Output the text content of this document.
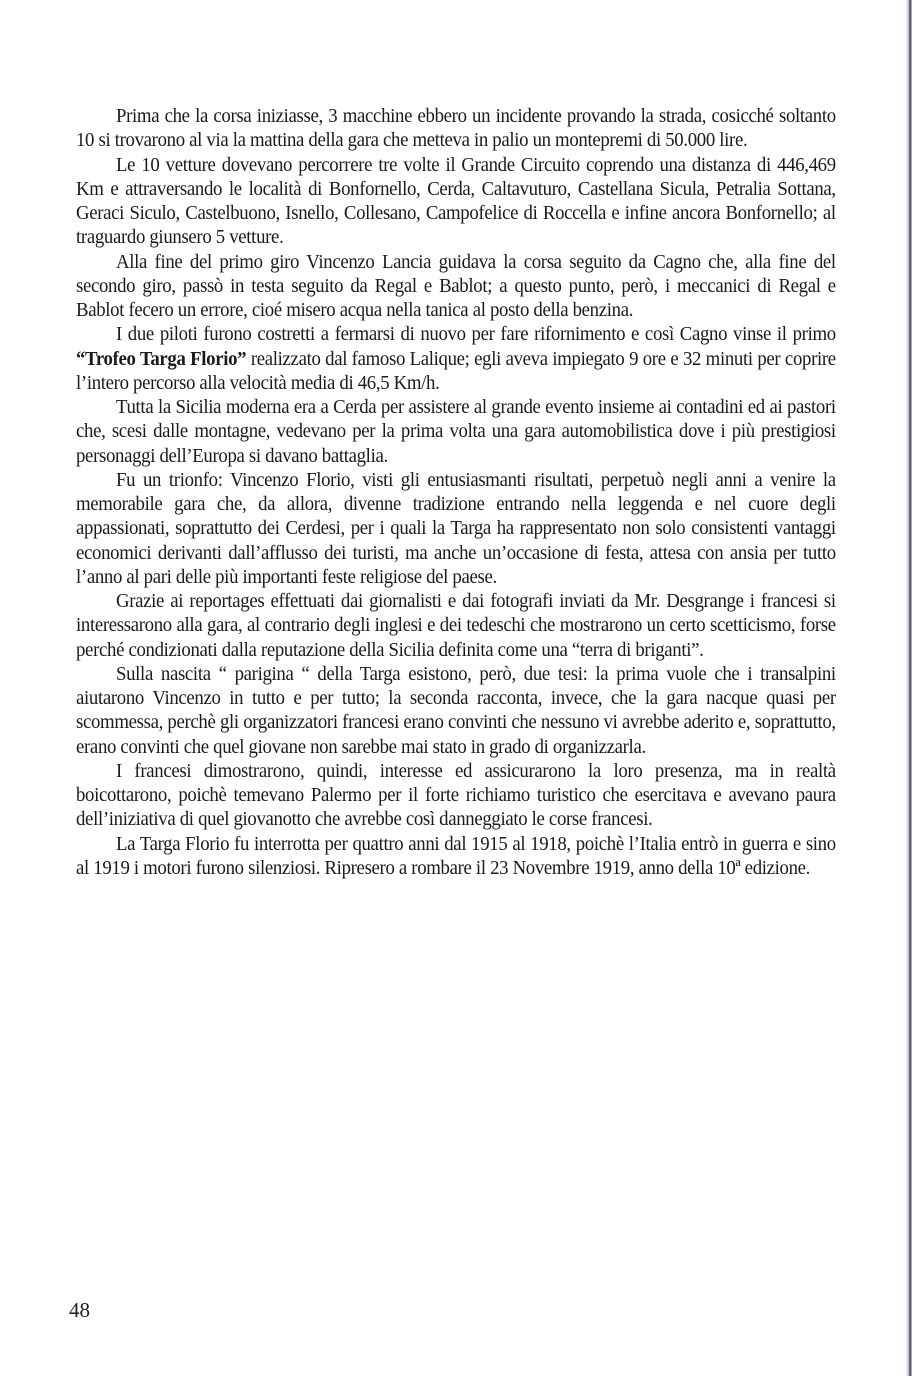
Prima che la corsa iniziasse, 3 macchine ebbero un incidente provando la strada, cosicché soltanto 10 si trovarono al via la mattina della gara che metteva in palio un montepremi di 50.000 lire.

Le 10 vetture dovevano percorrere tre volte il Grande Circuito coprendo una distanza di 446,469 Km e attraversando le località di Bonfornello, Cerda, Caltavuturo, Castellana Sicula, Petralia Sottana, Geraci Siculo, Castelbuono, Isnello, Collesano, Campofelice di Roccella e infine ancora Bonfornello; al traguardo giunsero 5 vetture.

Alla fine del primo giro Vincenzo Lancia guidava la corsa seguito da Cagno che, alla fine del secondo giro, passò in testa seguito da Regal e Bablot; a questo punto, però, i meccanici di Regal e Bablot fecero un errore, cioé misero acqua nella tanica al posto della benzina.

I due piloti furono costretti a fermarsi di nuovo per fare rifornimento e così Cagno vinse il primo “Trofeo Targa Florio” realizzato dal famoso Lalique; egli aveva impiegato 9 ore e 32 minuti per coprire l’intero percorso alla velocità media di 46,5 Km/h.

Tutta la Sicilia moderna era a Cerda per assistere al grande evento insieme ai contadini ed ai pastori che, scesi dalle montagne, vedevano per la prima volta una gara automobilistica dove i più prestigiosi personaggi dell’Europa si davano battaglia.

Fu un trionfo: Vincenzo Florio, visti gli entusiasmanti risultati, perpetuò negli anni a venire la memorabile gara che, da allora, divenne tradizione entrando nella leggenda e nel cuore degli appassionati, soprattutto dei Cerdesi, per i quali la Targa ha rappresentato non solo consistenti vantaggi economici derivanti dall’afflusso dei turisti, ma anche un’occasione di festa, attesa con ansia per tutto l’anno al pari delle più importanti feste religiose del paese.

Grazie ai reportages effettuati dai giornalisti e dai fotografi inviati da Mr. Desgrange i francesi si interessarono alla gara, al contrario degli inglesi e dei tedeschi che mostrarono un certo scetticismo, forse perché condizionati dalla reputazione della Sicilia definita come una “terra di briganti”.

Sulla nascita “ parigina “ della Targa esistono, però, due tesi: la prima vuole che i transalpini aiutarono Vincenzo in tutto e per tutto; la seconda racconta, invece, che la gara nacque quasi per scommessa, perchè gli organizzatori francesi erano convinti che nessuno vi avrebbe aderito e, soprattutto, erano convinti che quel giovane non sarebbe mai stato in grado di organizzarla.

I francesi dimostrarono, quindi, interesse ed assicurarono la loro presenza, ma in realtà boicottarono, poichè temevano Palermo per il forte richiamo turistico che esercitava e avevano paura dell’iniziativa di quel giovanotto che avrebbe così danneggiato le corse francesi.

La Targa Florio fu interrotta per quattro anni dal 1915 al 1918, poichè l’Italia entrò in guerra e sino al 1919 i motori furono silenziosi. Ripresero a rombare il 23 Novembre 1919, anno della 10ª edizione.

48
